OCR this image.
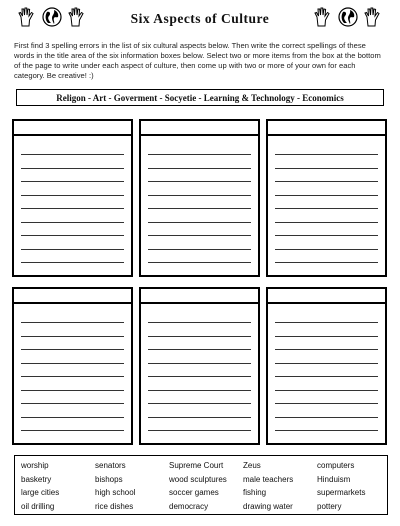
Six Aspects of Culture

First find 3 spelling errors in the list of six cultural aspects below. Then write the correct spellings of these words in the title area of the six information boxes below. Select two or more items from the box at the bottom of the page to write under each aspect of culture, then come up with two or more of your own for each category. Be creative! :)

Religon - Art - Goverment - Socyetie - Learning & Technology - Economics
worship
basketry
large cities
oil drilling
senators
bishops
high school
rice dishes
Supreme Court
wood sculptures
soccer games
democracy
Zeus
male teachers
fishing
drawing water
computers
Hinduism
supermarkets
pottery
